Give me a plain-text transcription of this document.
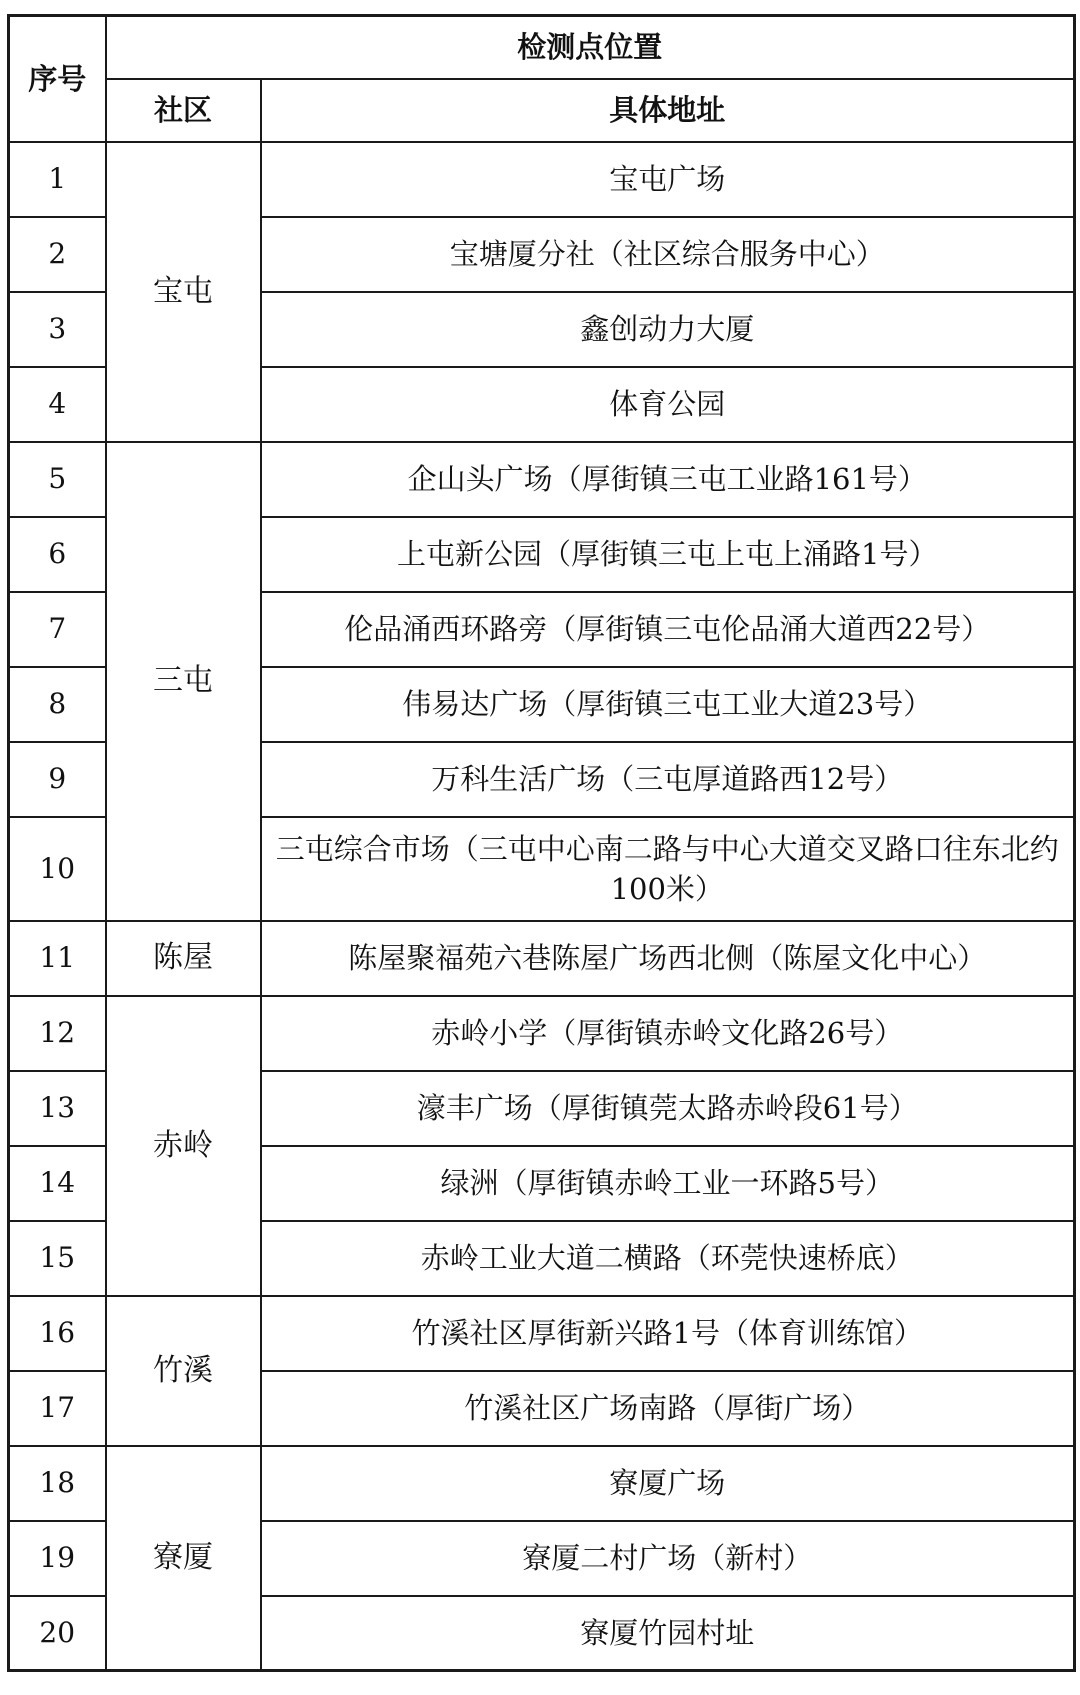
序号	检测点位置	
	社区	具体地址
1	宝屯	宝屯广场
2		宝塘厦分社（社区综合服务中心）
3		鑫创动力大厦
4		体育公园
5	三屯	企山头广场（厚街镇三屯工业路161号）
6		上屯新公园（厚街镇三屯上屯上涌路1号）
7		伦品涌西环路旁（厚街镇三屯伦品涌大道西22号）
8		伟易达广场（厚街镇三屯工业大道23号）
9		万科生活广场（三屯厚道路西12号）
10		三屯综合市场（三屯中心南二路与中心大道交叉路口往东北约100米）
11	陈屋	陈屋聚福苑六巷陈屋广场西北侧（陈屋文化中心）
12	赤岭	赤岭小学（厚街镇赤岭文化路26号）
13		濠丰广场（厚街镇莞太路赤岭段61号）
14		绿洲（厚街镇赤岭工业一环路5号）
15		赤岭工业大道二横路（环莞快速桥底）
16	竹溪	竹溪社区厚街新兴路1号（体育训练馆）
17		竹溪社区广场南路（厚街广场）
18	寮厦	寮厦广场
19		寮厦二村广场（新村）
20		寮厦竹园村址
